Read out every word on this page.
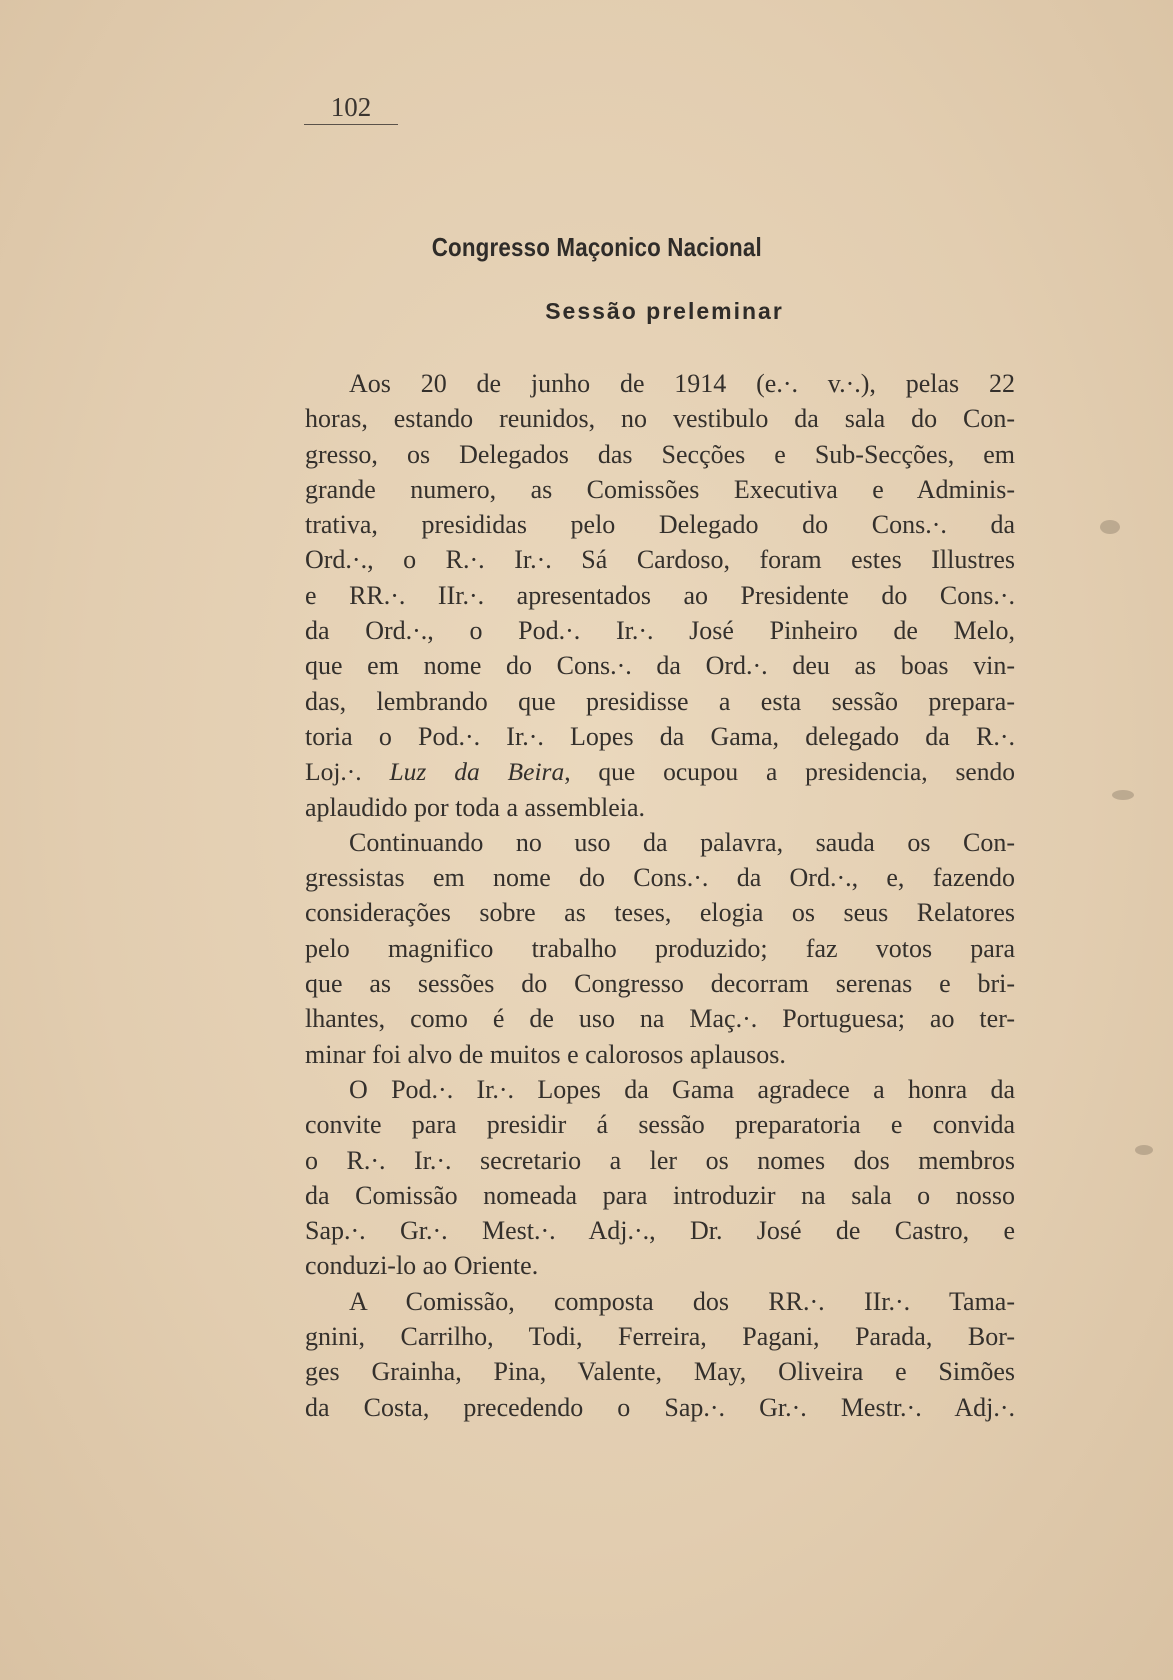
102
Congresso Maçonico Nacional
Sessão preleminar
Aos 20 de junho de 1914 (e.·. v.·.), pelas 22
horas, estando reunidos, no vestibulo da sala do Con-
gresso, os Delegados das Secções e Sub-Secções, em
grande numero, as Comissões Executiva e Adminis-
trativa, presididas pelo Delegado do Cons.·. da
Ord.·., o R.·. Ir.·. Sá Cardoso, foram estes Illustres
e RR.·. IIr.·. apresentados ao Presidente do Cons.·.
da Ord.·., o Pod.·. Ir.·. José Pinheiro de Melo,
que em nome do Cons.·. da Ord.·. deu as boas vin-
das, lembrando que presidisse a esta sessão prepara-
toria o Pod.·. Ir.·. Lopes da Gama, delegado da R.·.
Loj.·. Luz da Beira, que ocupou a presidencia, sendo
aplaudido por toda a assembleia.
Continuando no uso da palavra, sauda os Con-
gressistas em nome do Cons.·. da Ord.·., e, fazendo
considerações sobre as teses, elogia os seus Relatores
pelo magnifico trabalho produzido; faz votos para
que as sessões do Congresso decorram serenas e bri-
lhantes, como é de uso na Maç.·. Portuguesa; ao ter-
minar foi alvo de muitos e calorosos aplausos.
O Pod.·. Ir.·. Lopes da Gama agradece a honra da
convite para presidir á sessão preparatoria e convida
o R.·. Ir.·. secretario a ler os nomes dos membros
da Comissão nomeada para introduzir na sala o nosso
Sap.·. Gr.·. Mest.·. Adj.·., Dr. José de Castro, e
conduzi-lo ao Oriente.
A Comissão, composta dos RR.·. IIr.·. Tama-
gnini, Carrilho, Todi, Ferreira, Pagani, Parada, Bor-
ges Grainha, Pina, Valente, May, Oliveira e Simões
da Costa, precedendo o Sap.·. Gr.·. Mestr.·. Adj.·.
